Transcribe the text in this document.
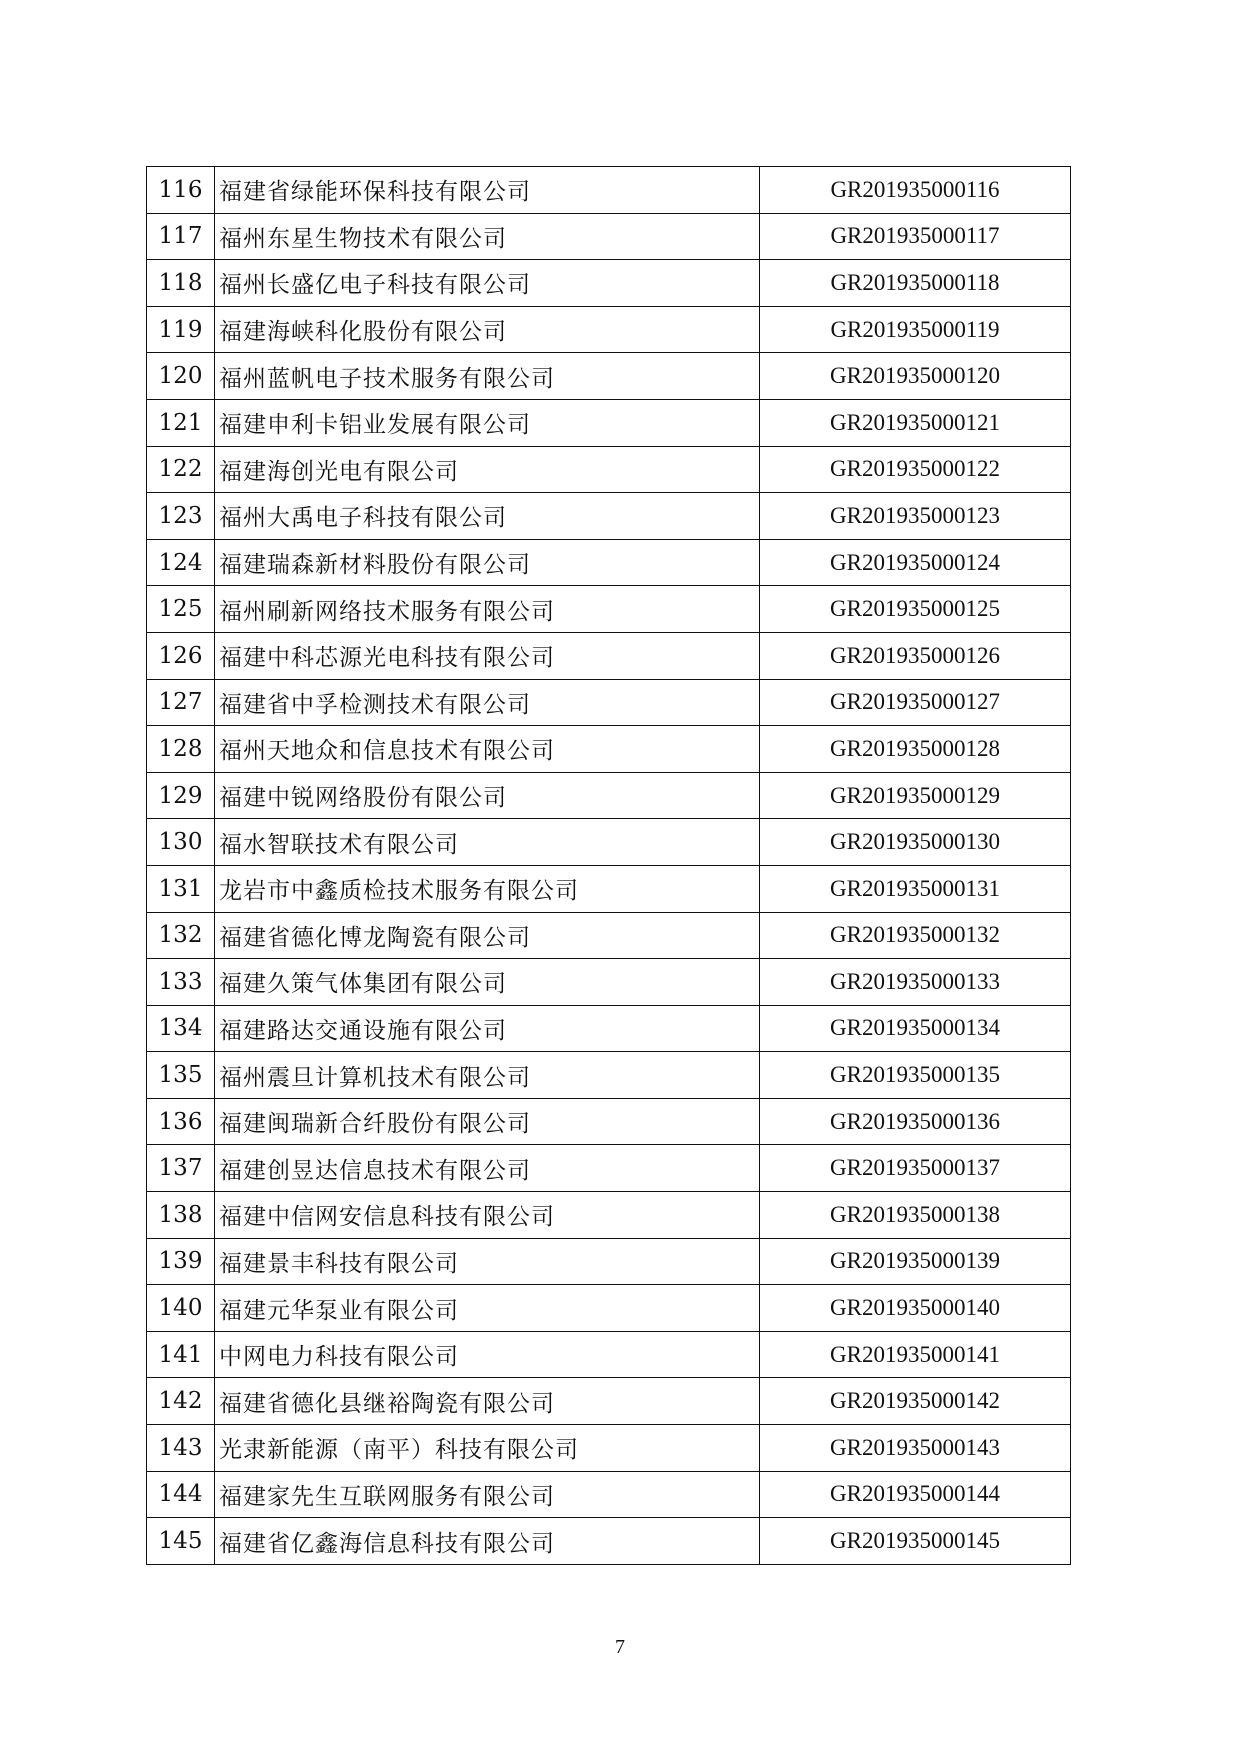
116	福建省绿能环保科技有限公司	GR201935000116
117	福州东星生物技术有限公司	GR201935000117
118	福州长盛亿电子科技有限公司	GR201935000118
119	福建海峡科化股份有限公司	GR201935000119
120	福州蓝帆电子技术服务有限公司	GR201935000120
121	福建申利卡铝业发展有限公司	GR201935000121
122	福建海创光电有限公司	GR201935000122
123	福州大禹电子科技有限公司	GR201935000123
124	福建瑞森新材料股份有限公司	GR201935000124
125	福州刷新网络技术服务有限公司	GR201935000125
126	福建中科芯源光电科技有限公司	GR201935000126
127	福建省中孚检测技术有限公司	GR201935000127
128	福州天地众和信息技术有限公司	GR201935000128
129	福建中锐网络股份有限公司	GR201935000129
130	福水智联技术有限公司	GR201935000130
131	龙岩市中鑫质检技术服务有限公司	GR201935000131
132	福建省德化博龙陶瓷有限公司	GR201935000132
133	福建久策气体集团有限公司	GR201935000133
134	福建路达交通设施有限公司	GR201935000134
135	福州震旦计算机技术有限公司	GR201935000135
136	福建闽瑞新合纤股份有限公司	GR201935000136
137	福建创昱达信息技术有限公司	GR201935000137
138	福建中信网安信息科技有限公司	GR201935000138
139	福建景丰科技有限公司	GR201935000139
140	福建元华泵业有限公司	GR201935000140
141	中网电力科技有限公司	GR201935000141
142	福建省德化县继裕陶瓷有限公司	GR201935000142
143	光隶新能源（南平）科技有限公司	GR201935000143
144	福建家先生互联网服务有限公司	GR201935000144
145	福建省亿鑫海信息科技有限公司	GR201935000145
7
